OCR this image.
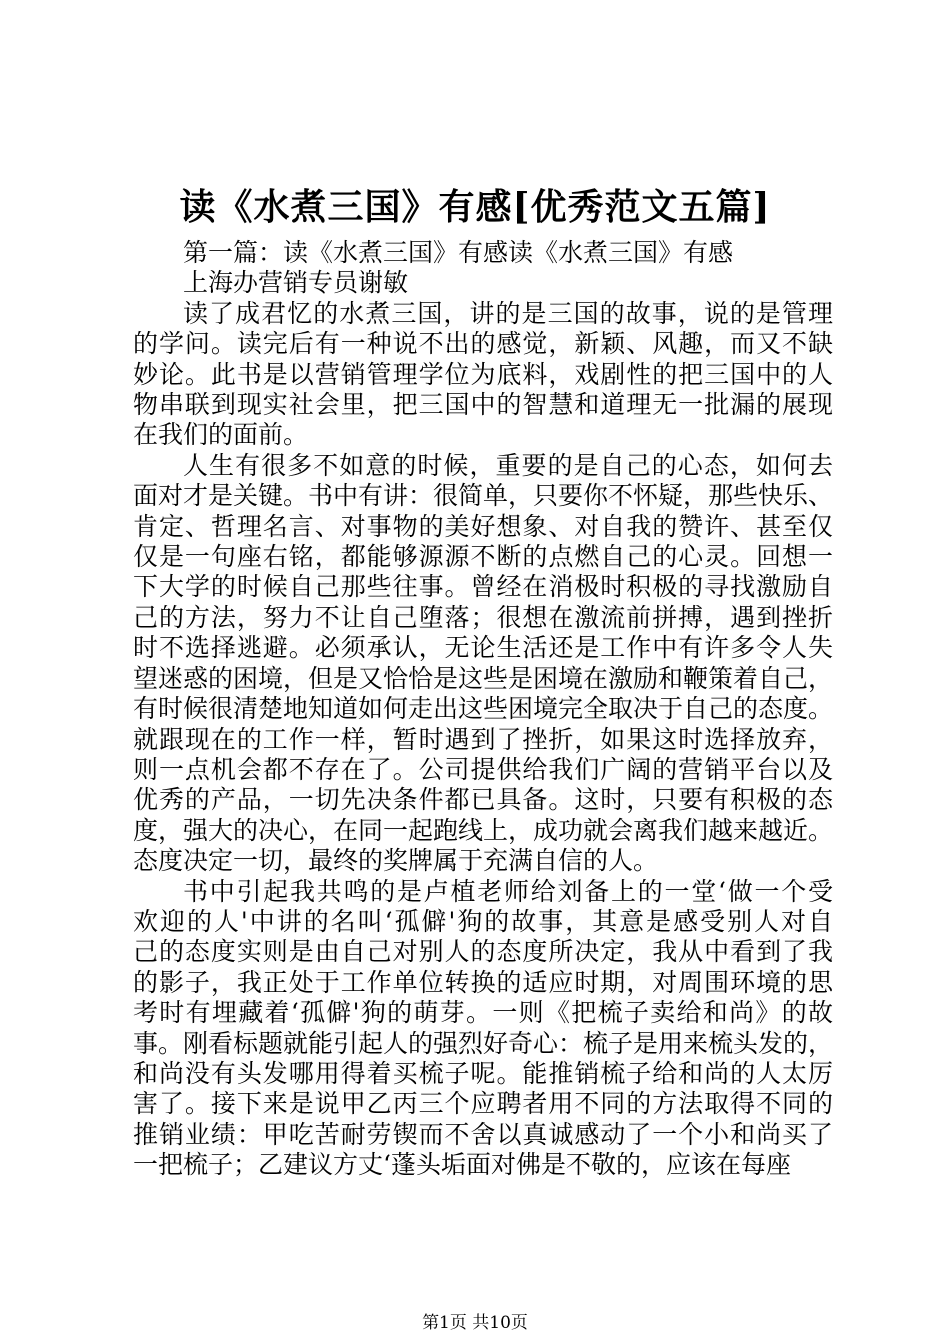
读《水煮三国》有感[优秀范文五篇]

第一篇：读《水煮三国》有感读《水煮三国》有感

上海办营销专员谢敏

读了成君忆的水煮三国，讲的是三国的故事，说的是管理
的学问。读完后有一种说不出的感觉，新颖、风趣，而又不缺
妙论。此书是以营销管理学位为底料，戏剧性的把三国中的人
物串联到现实社会里，把三国中的智慧和道理无一批漏的展现
在我们的面前。

人生有很多不如意的时候，重要的是自己的心态，如何去
面对才是关键。书中有讲：很简单，只要你不怀疑，那些快乐、
肯定、哲理名言、对事物的美好想象、对自我的赞许、甚至仅
仅是一句座右铭，都能够源源不断的点燃自己的心灵。回想一
下大学的时候自己那些往事。曾经在消极时积极的寻找激励自
己的方法，努力不让自己堕落；很想在激流前拼搏，遇到挫折
时不选择逃避。必须承认，无论生活还是工作中有许多令人失
望迷惑的困境，但是又恰恰是这些是困境在激励和鞭策着自己，
有时候很清楚地知道如何走出这些困境完全取决于自己的态度。
就跟现在的工作一样，暂时遇到了挫折，如果这时选择放弃，
则一点机会都不存在了。公司提供给我们广阔的营销平台以及
优秀的产品，一切先决条件都已具备。这时，只要有积极的态
度，强大的决心，在同一起跑线上，成功就会离我们越来越近。
态度决定一切，最终的奖牌属于充满自信的人。

书中引起我共鸣的是卢植老师给刘备上的一堂‘做一个受
欢迎的人'中讲的名叫‘孤僻'狗的故事，其意是感受别人对自
己的态度实则是由自己对别人的态度所决定，我从中看到了我
的影子，我正处于工作单位转换的适应时期，对周围环境的思
考时有埋藏着‘孤僻'狗的萌芽。一则《把梳子卖给和尚》的故
事。刚看标题就能引起人的强烈好奇心：梳子是用来梳头发的，
和尚没有头发哪用得着买梳子呢。能推销梳子给和尚的人太厉
害了。接下来是说甲乙丙三个应聘者用不同的方法取得不同的
推销业绩：甲吃苦耐劳锲而不舍以真诚感动了一个小和尚买了
一把梳子；乙建议方丈‘蓬头垢面对佛是不敬的，应该在每座

第1页 共10页
